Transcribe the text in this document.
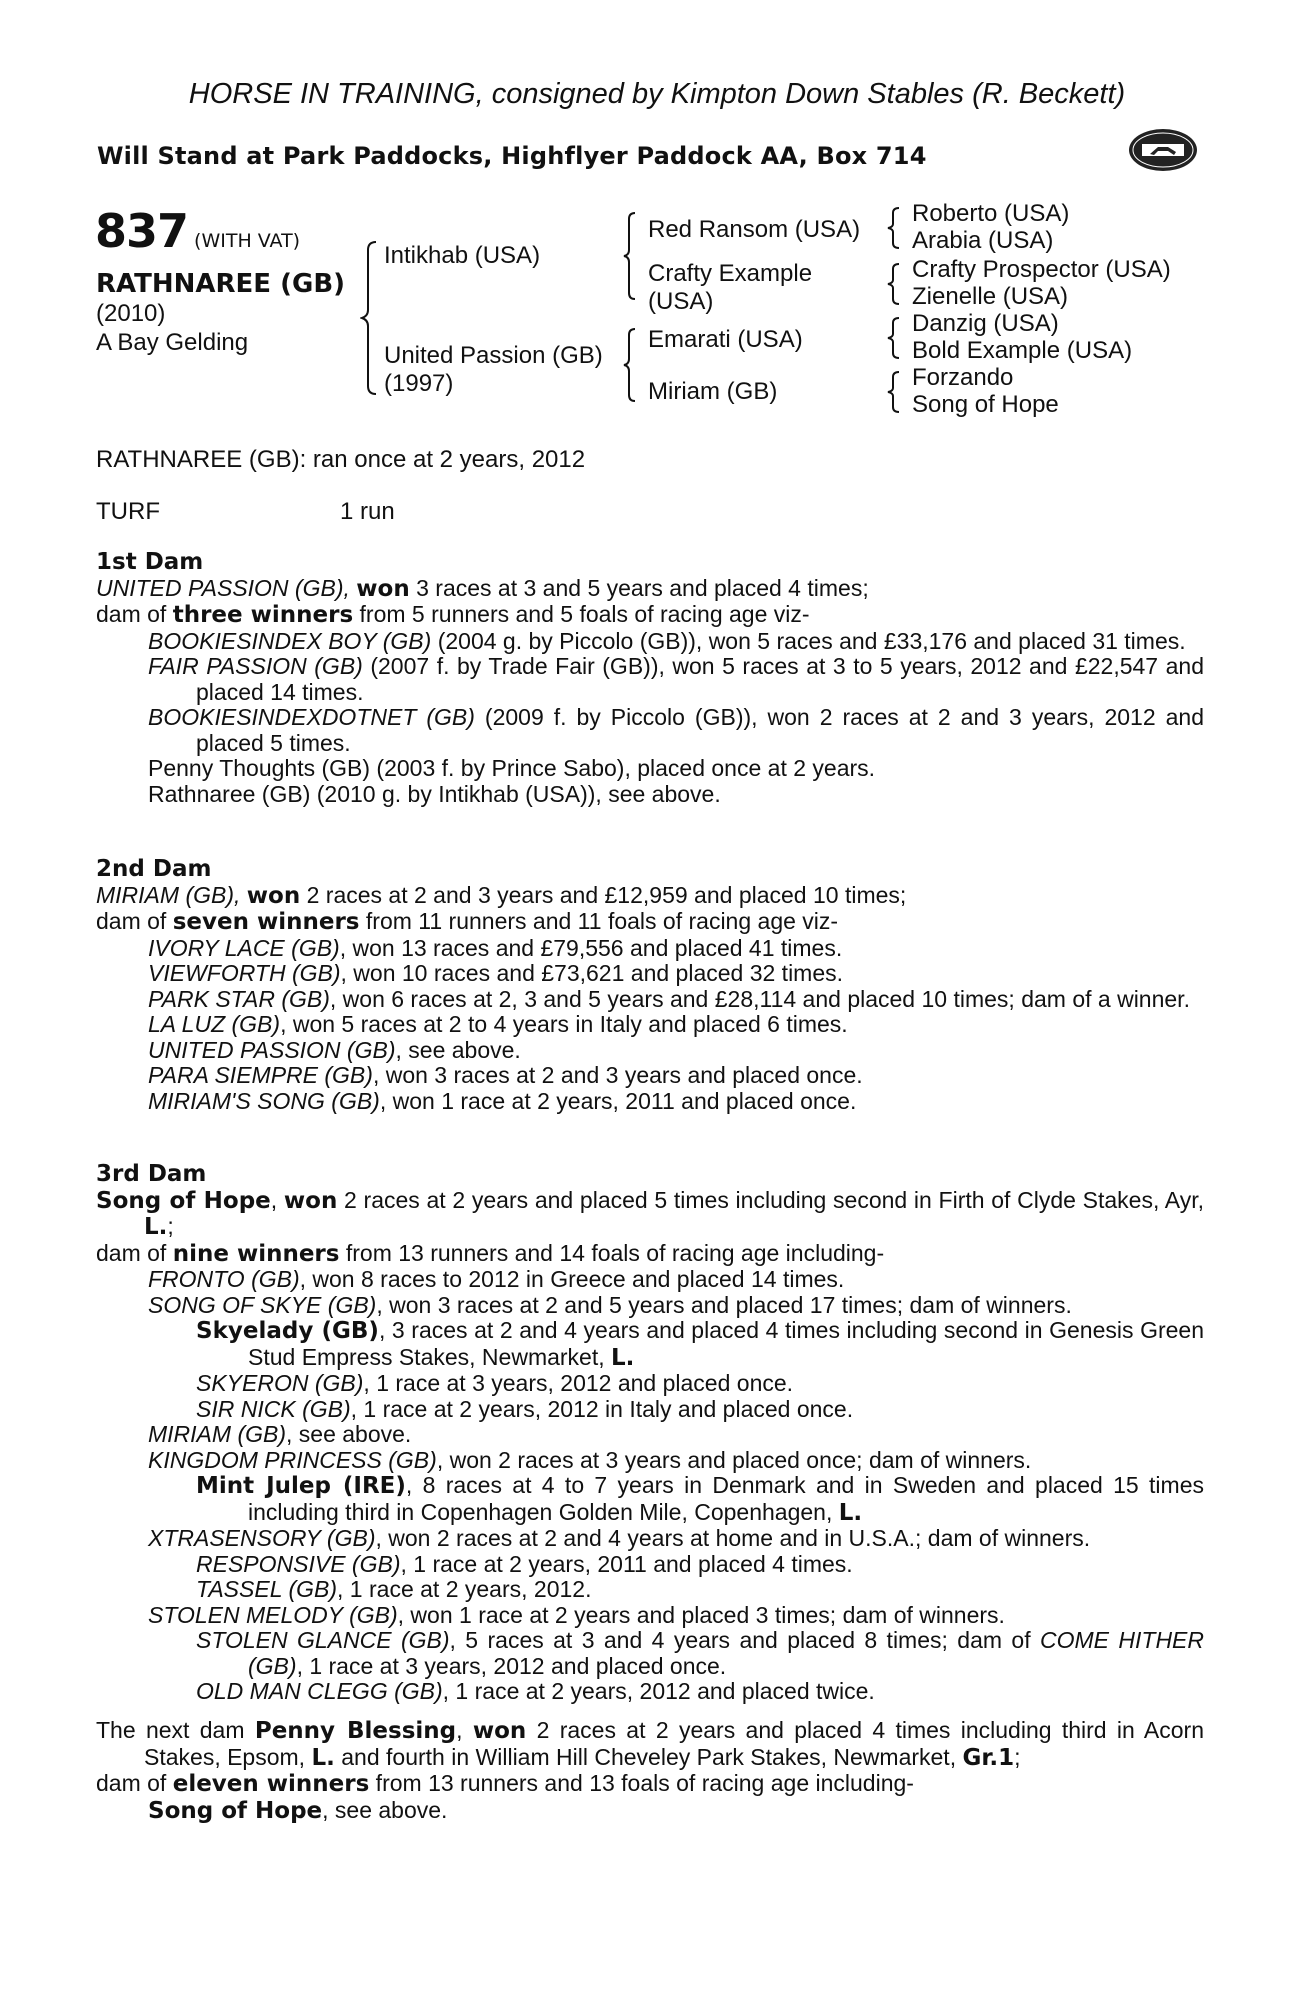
HORSE IN TRAINING, consigned by Kimpton Down Stables (R. Beckett)
Will Stand at Park Paddocks, Highflyer Paddock AA, Box 714
837 (WITH VAT)
RATHNAREE (GB)
(2010)
A Bay Gelding
Intikhab (USA)
United Passion (GB)
(1997)
Red Ransom (USA)
Crafty Example
(USA)
Emarati (USA)
Miriam (GB)
Roberto (USA)
Arabia (USA)
Crafty Prospector (USA)
Zienelle (USA)
Danzig (USA)
Bold Example (USA)
Forzando
Song of Hope
RATHNAREE (GB): ran once at 2 years, 2012
TURF	1 run
1st Dam
UNITED PASSION (GB), won 3 races at 3 and 5 years and placed 4 times;
dam of three winners from 5 runners and 5 foals of racing age viz-
BOOKIESINDEX BOY (GB) (2004 g. by Piccolo (GB)), won 5 races and £33,176 and placed 31 times.
FAIR PASSION (GB) (2007 f. by Trade Fair (GB)), won 5 races at 3 to 5 years, 2012 and £22,547 and placed 14 times.
BOOKIESINDEXDOTNET (GB) (2009 f. by Piccolo (GB)), won 2 races at 2 and 3 years, 2012 and placed 5 times.
Penny Thoughts (GB) (2003 f. by Prince Sabo), placed once at 2 years.
Rathnaree (GB) (2010 g. by Intikhab (USA)), see above.
2nd Dam
MIRIAM (GB), won 2 races at 2 and 3 years and £12,959 and placed 10 times;
dam of seven winners from 11 runners and 11 foals of racing age viz-
IVORY LACE (GB), won 13 races and £79,556 and placed 41 times.
VIEWFORTH (GB), won 10 races and £73,621 and placed 32 times.
PARK STAR (GB), won 6 races at 2, 3 and 5 years and £28,114 and placed 10 times; dam of a winner.
LA LUZ (GB), won 5 races at 2 to 4 years in Italy and placed 6 times.
UNITED PASSION (GB), see above.
PARA SIEMPRE (GB), won 3 races at 2 and 3 years and placed once.
MIRIAM'S SONG (GB), won 1 race at 2 years, 2011 and placed once.
3rd Dam
Song of Hope, won 2 races at 2 years and placed 5 times including second in Firth of Clyde Stakes, Ayr, L.;
dam of nine winners from 13 runners and 14 foals of racing age including-
FRONTO (GB), won 8 races to 2012 in Greece and placed 14 times.
SONG OF SKYE (GB), won 3 races at 2 and 5 years and placed 17 times; dam of winners.
Skyelady (GB), 3 races at 2 and 4 years and placed 4 times including second in Genesis Green Stud Empress Stakes, Newmarket, L.
SKYERON (GB), 1 race at 3 years, 2012 and placed once.
SIR NICK (GB), 1 race at 2 years, 2012 in Italy and placed once.
MIRIAM (GB), see above.
KINGDOM PRINCESS (GB), won 2 races at 3 years and placed once; dam of winners.
Mint Julep (IRE), 8 races at 4 to 7 years in Denmark and in Sweden and placed 15 times including third in Copenhagen Golden Mile, Copenhagen, L.
XTRASENSORY (GB), won 2 races at 2 and 4 years at home and in U.S.A.; dam of winners.
RESPONSIVE (GB), 1 race at 2 years, 2011 and placed 4 times.
TASSEL (GB), 1 race at 2 years, 2012.
STOLEN MELODY (GB), won 1 race at 2 years and placed 3 times; dam of winners.
STOLEN GLANCE (GB), 5 races at 3 and 4 years and placed 8 times; dam of COME HITHER (GB), 1 race at 3 years, 2012 and placed once.
OLD MAN CLEGG (GB), 1 race at 2 years, 2012 and placed twice.
The next dam Penny Blessing, won 2 races at 2 years and placed 4 times including third in Acorn Stakes, Epsom, L. and fourth in William Hill Cheveley Park Stakes, Newmarket, Gr.1;
dam of eleven winners from 13 runners and 13 foals of racing age including-
Song of Hope, see above.
